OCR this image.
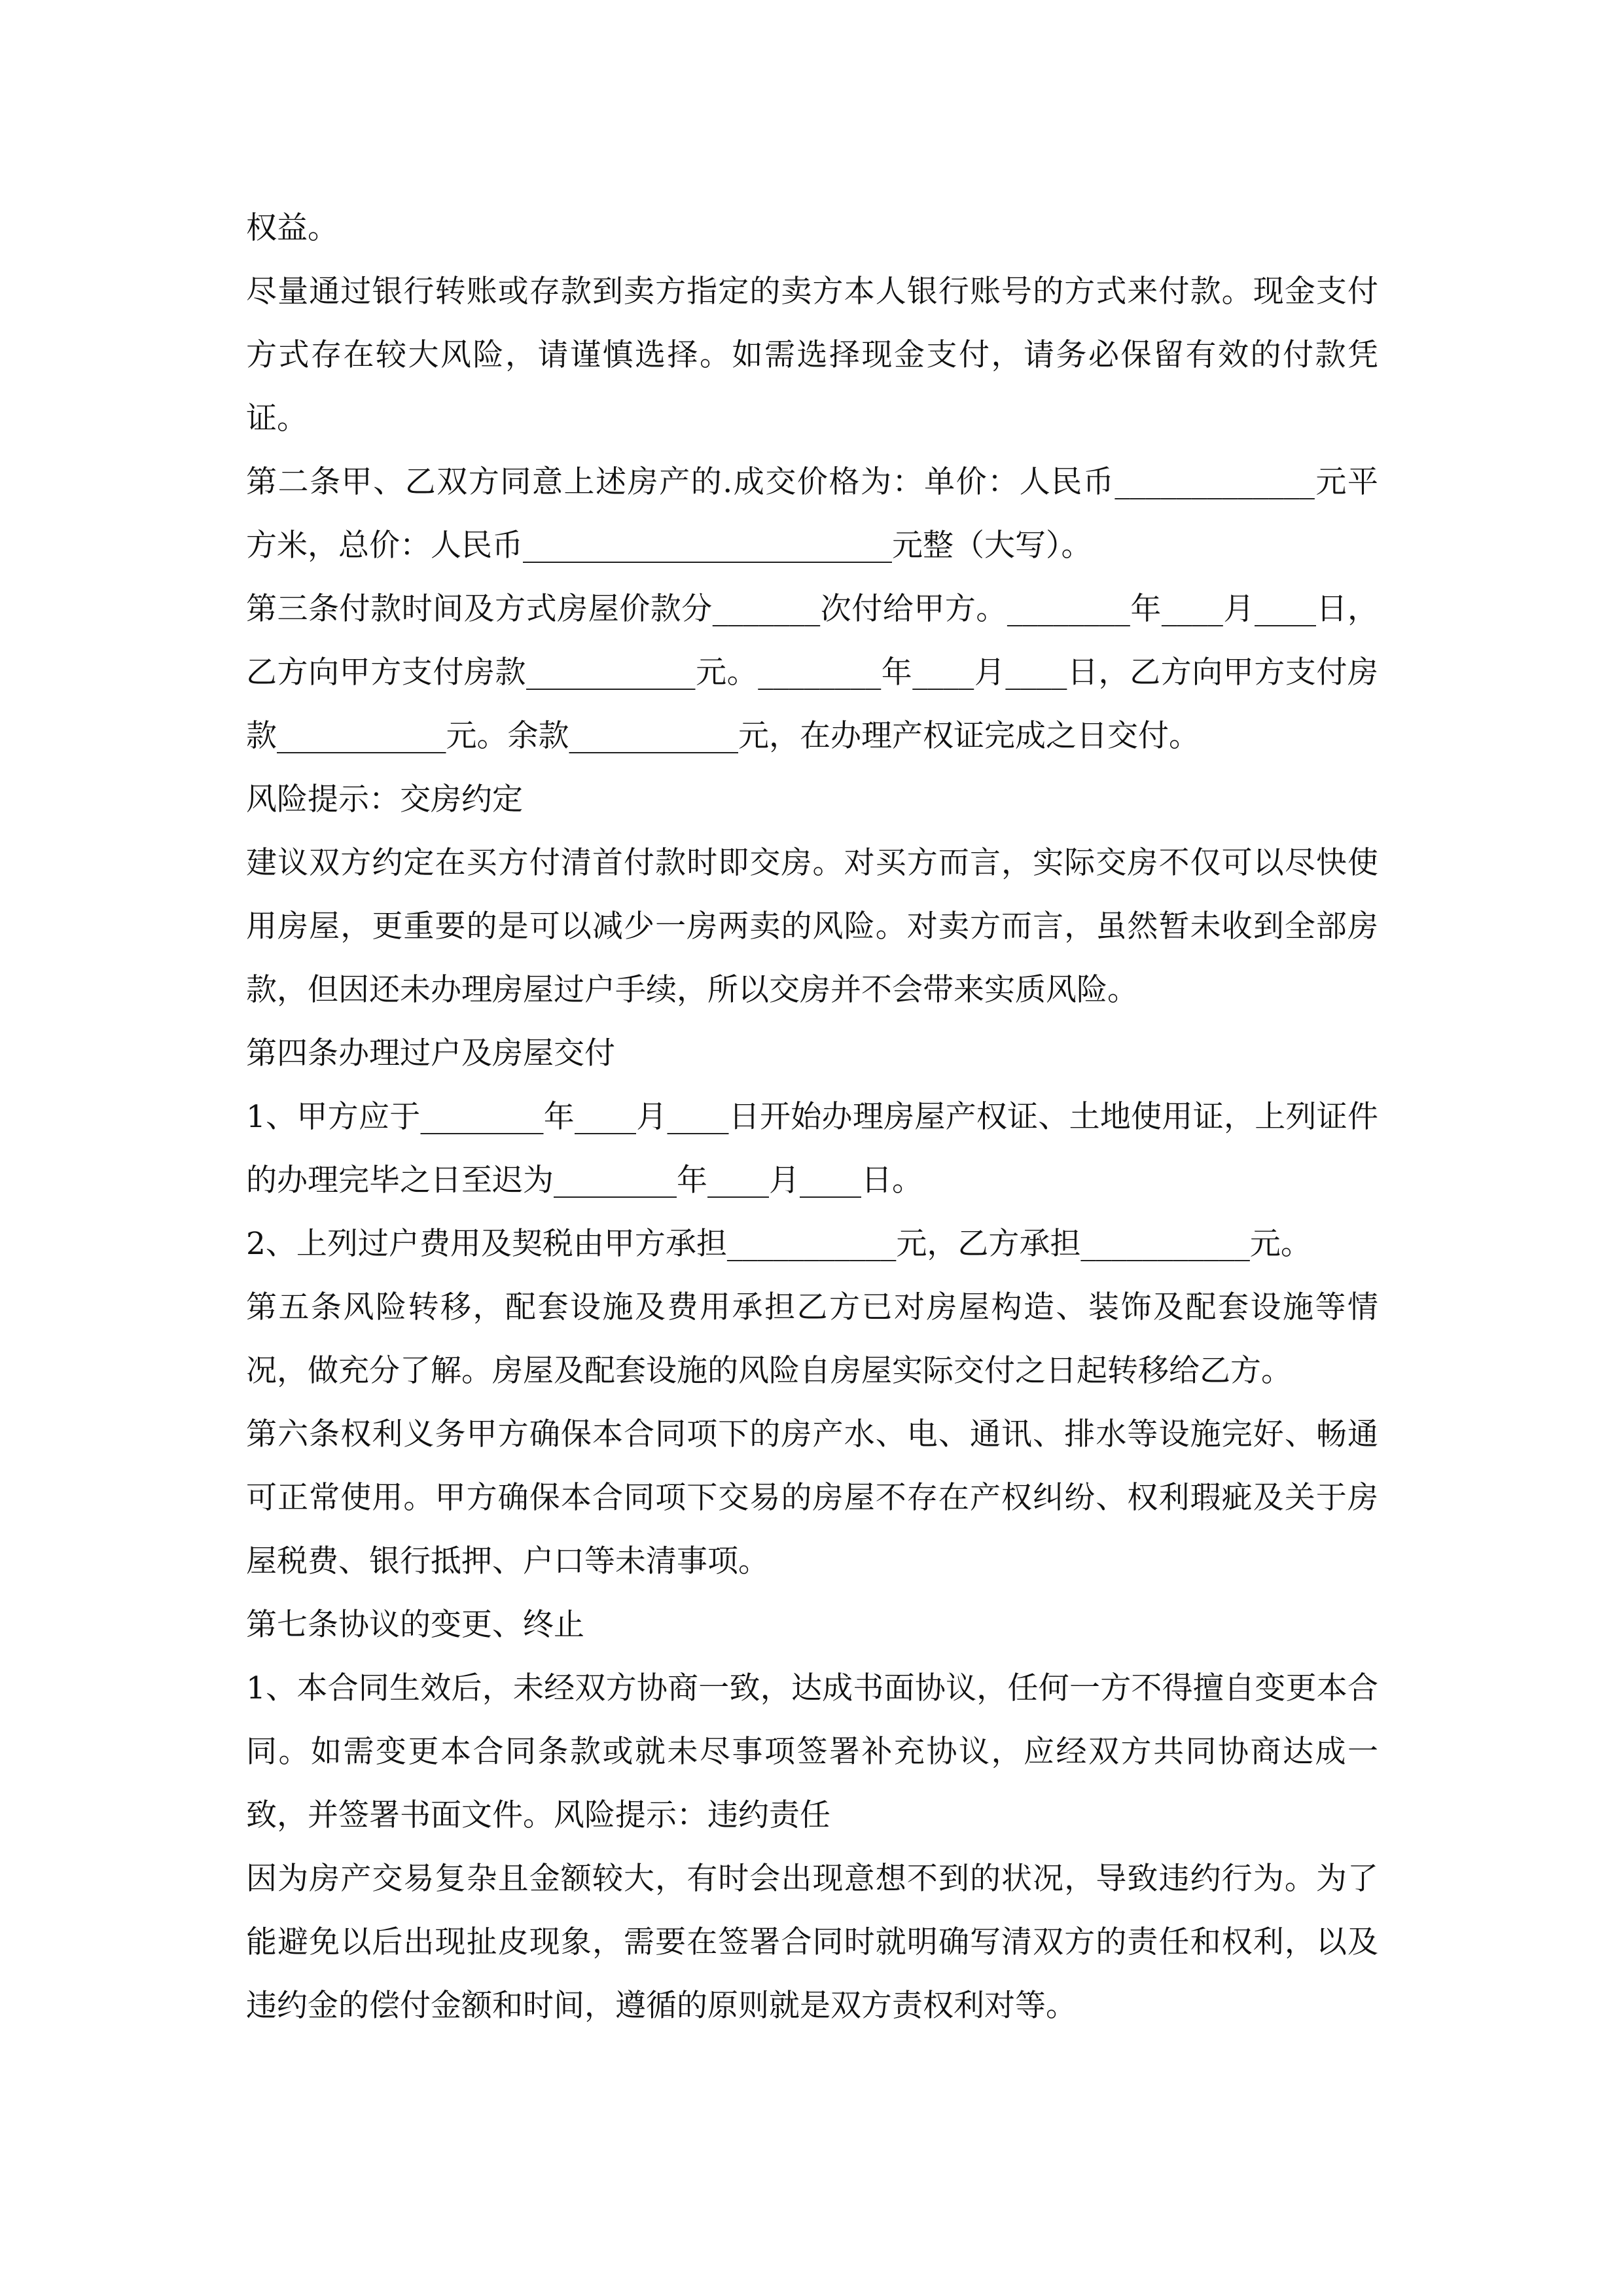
权益。

尽量通过银行转账或存款到卖方指定的卖方本人银行账号的方式来付款。现金支付方式存在较大风险，请谨慎选择。如需选择现金支付，请务必保留有效的付款凭证。

第二条甲、乙双方同意上述房产的.成交价格为：单价：人民币_____________元平方米，总价：人民币________________________元整（大写）。

第三条付款时间及方式房屋价款分_______次付给甲方。________年____月____日，乙方向甲方支付房款___________元。________年____月____日，乙方向甲方支付房款___________元。余款___________元，在办理产权证完成之日交付。

风险提示：交房约定

建议双方约定在买方付清首付款时即交房。对买方而言，实际交房不仅可以尽快使用房屋，更重要的是可以减少一房两卖的风险。对卖方而言，虽然暂未收到全部房款，但因还未办理房屋过户手续，所以交房并不会带来实质风险。

第四条办理过户及房屋交付

1、甲方应于________年____月____日开始办理房屋产权证、土地使用证，上列证件的办理完毕之日至迟为________年____月____日。

2、上列过户费用及契税由甲方承担___________元，乙方承担___________元。

第五条风险转移，配套设施及费用承担乙方已对房屋构造、装饰及配套设施等情况，做充分了解。房屋及配套设施的风险自房屋实际交付之日起转移给乙方。

第六条权利义务甲方确保本合同项下的房产水、电、通讯、排水等设施完好、畅通可正常使用。甲方确保本合同项下交易的房屋不存在产权纠纷、权利瑕疵及关于房屋税费、银行抵押、户口等未清事项。

第七条协议的变更、终止

1、本合同生效后，未经双方协商一致，达成书面协议，任何一方不得擅自变更本合同。如需变更本合同条款或就未尽事项签署补充协议，应经双方共同协商达成一致，并签署书面文件。风险提示：违约责任

因为房产交易复杂且金额较大，有时会出现意想不到的状况，导致违约行为。为了能避免以后出现扯皮现象，需要在签署合同时就明确写清双方的责任和权利，以及违约金的偿付金额和时间，遵循的原则就是双方责权利对等。
